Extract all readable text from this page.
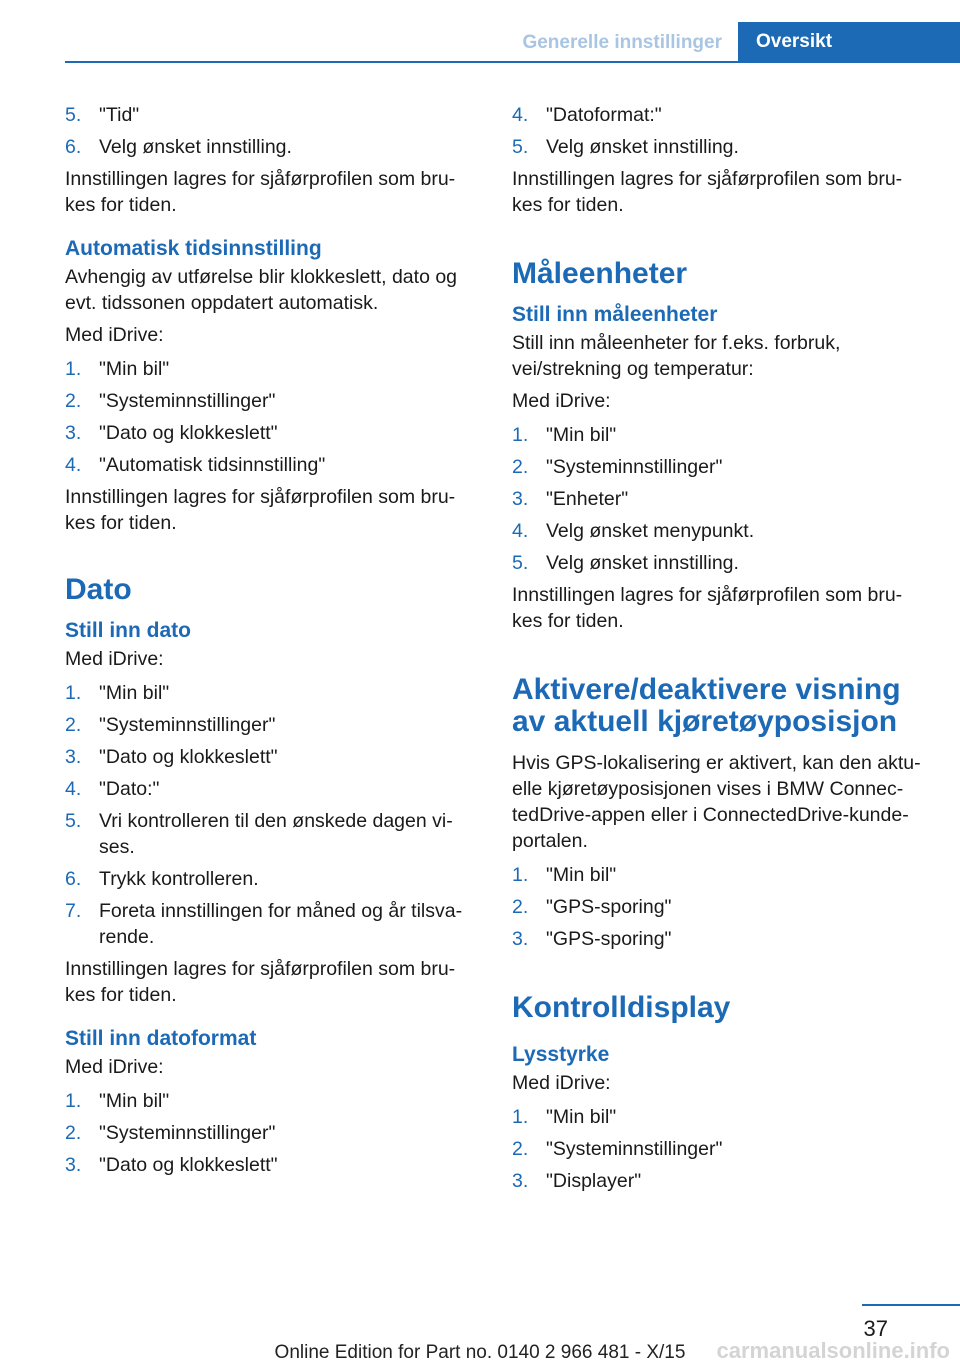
Generelle innstillinger	Oversikt
5. "Tid"
6. Velg ønsket innstilling.

Innstillingen lagres for sjåførprofilen som bru-kes for tiden.

Automatisk tidsinnstilling

Avhengig av utførelse blir klokkeslett, dato og evt. tidssonen oppdatert automatisk.

Med iDrive:

1. "Min bil"
2. "Systeminnstillinger"
3. "Dato og klokkeslett"
4. "Automatisk tidsinnstilling"

Innstillingen lagres for sjåførprofilen som bru-kes for tiden.

Dato
Still inn dato

Med iDrive:

1. "Min bil"
2. "Systeminnstillinger"
3. "Dato og klokkeslett"
4. "Dato:"
5. Vri kontrolleren til den ønskede dagen vi-ses.
6. Trykk kontrolleren.
7. Foreta innstillingen for måned og år tilsva-rende.

Innstillingen lagres for sjåførprofilen som bru-kes for tiden.

Still inn datoformat

Med iDrive:

1. "Min bil"
2. "Systeminnstillinger"
3. "Dato og klokkeslett"
4. "Datoformat:"
5. Velg ønsket innstilling.

Innstillingen lagres for sjåførprofilen som bru-kes for tiden.

Måleenheter
Still inn måleenheter

Still inn måleenheter for f.eks. forbruk, vei/strekning og temperatur:

Med iDrive:

1. "Min bil"
2. "Systeminnstillinger"
3. "Enheter"
4. Velg ønsket menypunkt.
5. Velg ønsket innstilling.

Innstillingen lagres for sjåførprofilen som bru-kes for tiden.

Aktivere/deaktivere visning av aktuell kjøretøyposisjon

Hvis GPS-lokalisering er aktivert, kan den aktu-elle kjøretøyposisjonen vises i BMW Connec-tedDrive-appen eller i ConnectedDrive-kunde-portalen.

1. "Min bil"
2. "GPS-sporing"
3. "GPS-sporing"
Kontrolldisplay
Lysstyrke

Med iDrive:

1. "Min bil"
2. "Systeminnstillinger"
3. "Displayer"
37
Online Edition for Part no. 0140 2 966 481 - X/15	carmanualsonline.info
